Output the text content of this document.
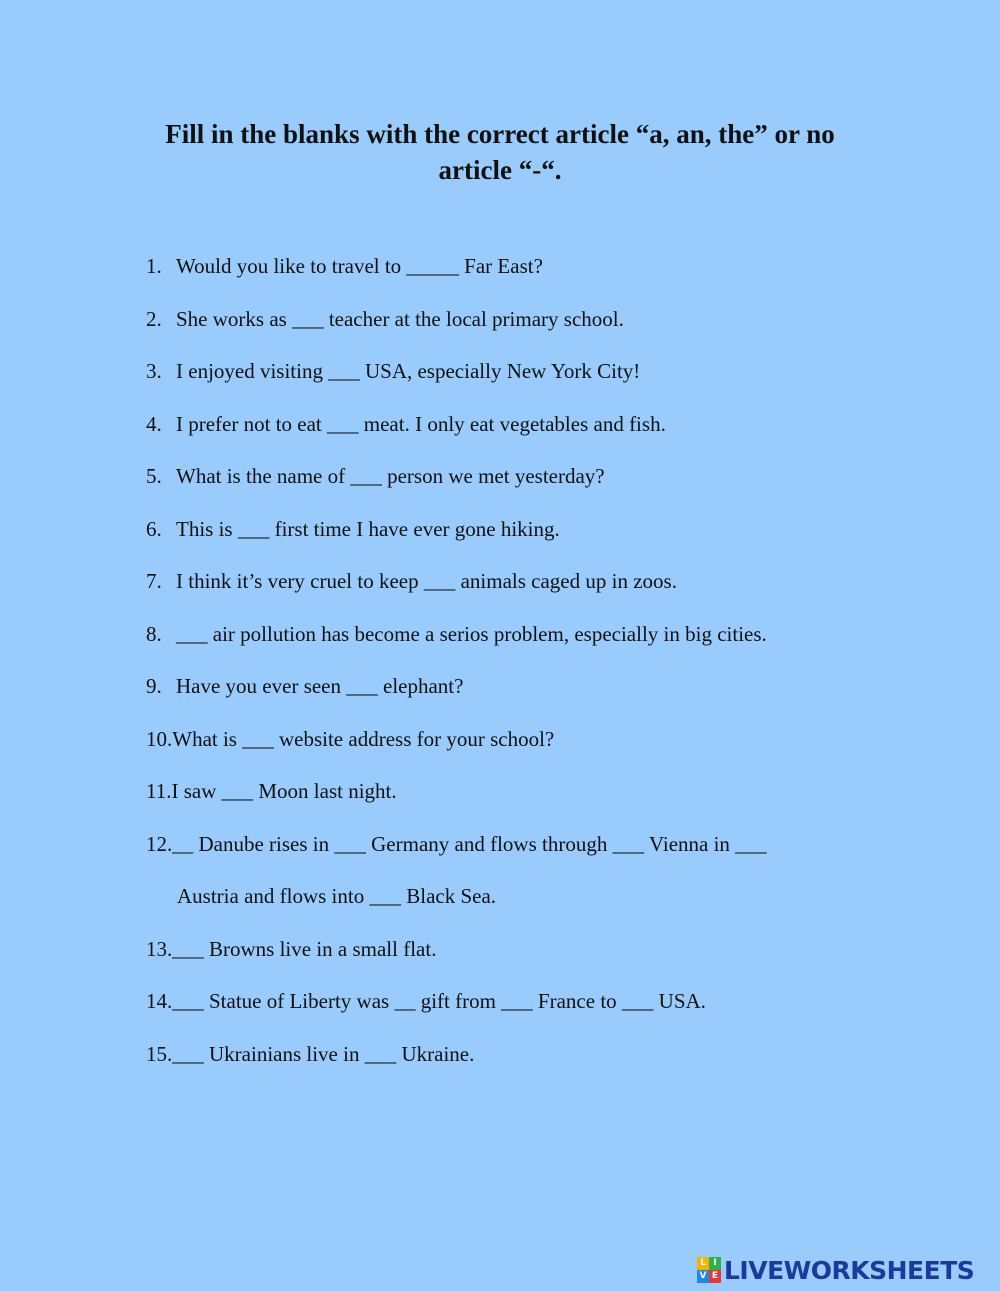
Fill in the blanks with the correct article “a, an, the” or no
article “-“.
1. Would you like to travel to _____ Far East?
2. She works as ___ teacher at the local primary school.
3. I enjoyed visiting ___ USA, especially New York City!
4. I prefer not to eat ___ meat. I only eat vegetables and fish.
5. What is the name of ___ person we met yesterday?
6. This is ___ first time I have ever gone hiking.
7. I think it’s very cruel to keep ___ animals caged up in zoos.
8. ___ air pollution has become a serios problem, especially in big cities.
9. Have you ever seen ___ elephant?
10.What is ___ website address for your school?
11.I saw ___ Moon last night.
12.__ Danube rises in ___ Germany and flows through ___ Vienna in ___
Austria and flows into ___ Black Sea.
13.___ Browns live in a small flat.
14.___ Statue of Liberty was __ gift from ___ France to ___ USA.
15.___ Ukrainians live in ___ Ukraine.
L I
V E LIVEWORKSHEETS
